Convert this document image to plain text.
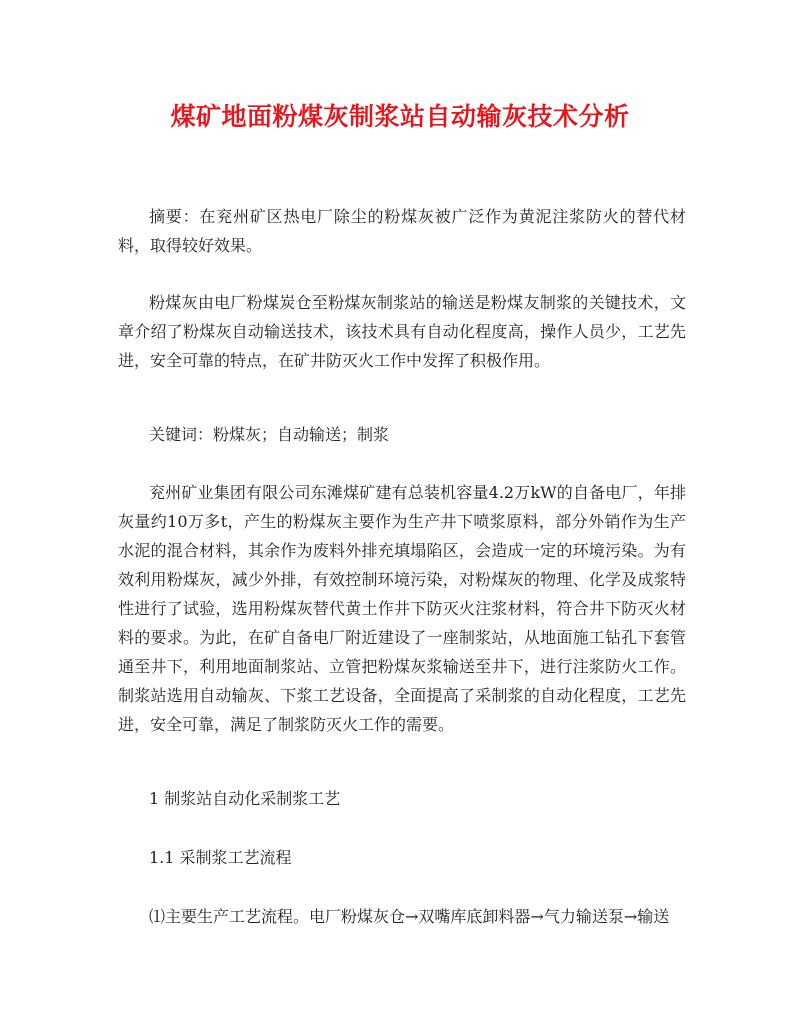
煤矿地面粉煤灰制浆站自动输灰技术分析

摘要：在兖州矿区热电厂除尘的粉煤灰被广泛作为黄泥注浆防火的替代材料，取得较好效果。

粉煤灰由电厂粉煤炭仓至粉煤灰制浆站的输送是粉煤友制浆的关键技术，文章介绍了粉煤灰自动输送技术，该技术具有自动化程度高，操作人员少，工艺先进，安全可靠的特点，在矿井防灭火工作中发挥了积极作用。

关键词：粉煤灰；自动输送；制浆

兖州矿业集团有限公司东滩煤矿建有总装机容量4.2万kW的自备电厂，年排灰量约10万多t，产生的粉煤灰主要作为生产井下喷浆原料，部分外销作为生产水泥的混合材料，其余作为废料外排充填塌陷区，会造成一定的环境污染。为有效利用粉煤灰，减少外排，有效控制环境污染，对粉煤灰的物理、化学及成浆特性进行了试验，选用粉煤灰替代黄土作井下防灭火注浆材料，符合井下防灭火材料的要求。为此，在矿自备电厂附近建设了一座制浆站，从地面施工钻孔下套管通至井下，利用地面制浆站、立管把粉煤灰浆输送至井下，进行注浆防火工作。制浆站选用自动输灰、下浆工艺设备，全面提高了采制浆的自动化程度，工艺先进，安全可靠，满足了制浆防灭火工作的需要。

1 制浆站自动化采制浆工艺

1.1 采制浆工艺流程

⑴主要生产工艺流程。电厂粉煤灰仓→双嘴库底卸料器→气力输送泵→输送
